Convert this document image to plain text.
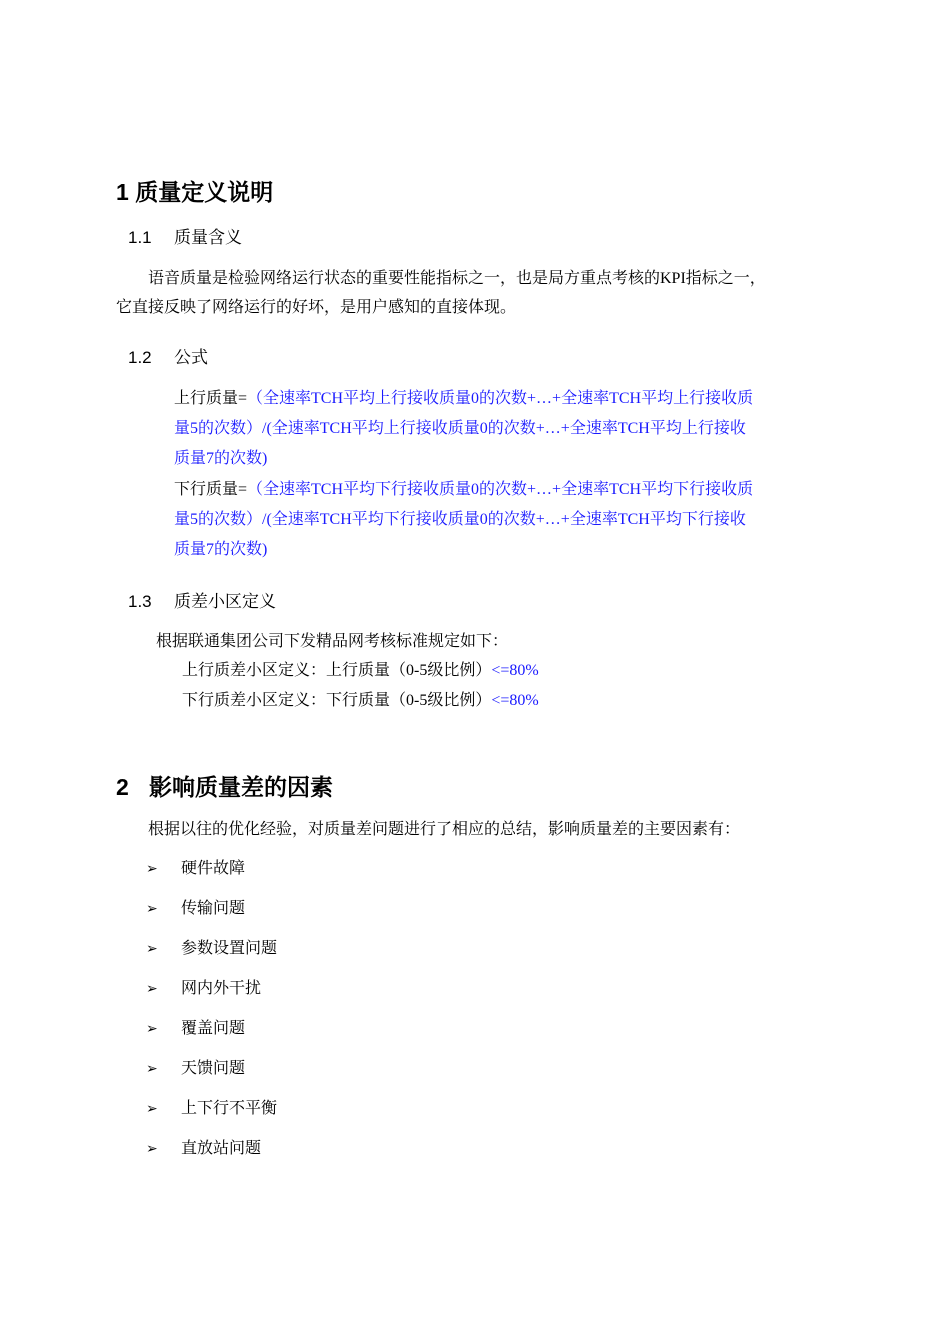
1 质量定义说明
1.1 质量含义
语音质量是检验网络运行状态的重要性能指标之一，也是局方重点考核的KPI指标之一，
它直接反映了网络运行的好坏，是用户感知的直接体现。
1.2 公式
上行质量=（全速率TCH平均上行接收质量0的次数+…+全速率TCH平均上行接收质
量5的次数）/(全速率TCH平均上行接收质量0的次数+…+全速率TCH平均上行接收
质量7的次数)
下行质量=（全速率TCH平均下行接收质量0的次数+…+全速率TCH平均下行接收质
量5的次数）/(全速率TCH平均下行接收质量0的次数+…+全速率TCH平均下行接收
质量7的次数)
1.3 质差小区定义
根据联通集团公司下发精品网考核标准规定如下：
上行质差小区定义：上行质量（0-5级比例）<=80%
下行质差小区定义：下行质量（0-5级比例）<=80%
2 影响质量差的因素
根据以往的优化经验，对质量差问题进行了相应的总结，影响质量差的主要因素有：
➢ 硬件故障
➢ 传输问题
➢ 参数设置问题
➢ 网内外干扰
➢ 覆盖问题
➢ 天馈问题
➢ 上下行不平衡
➢ 直放站问题
